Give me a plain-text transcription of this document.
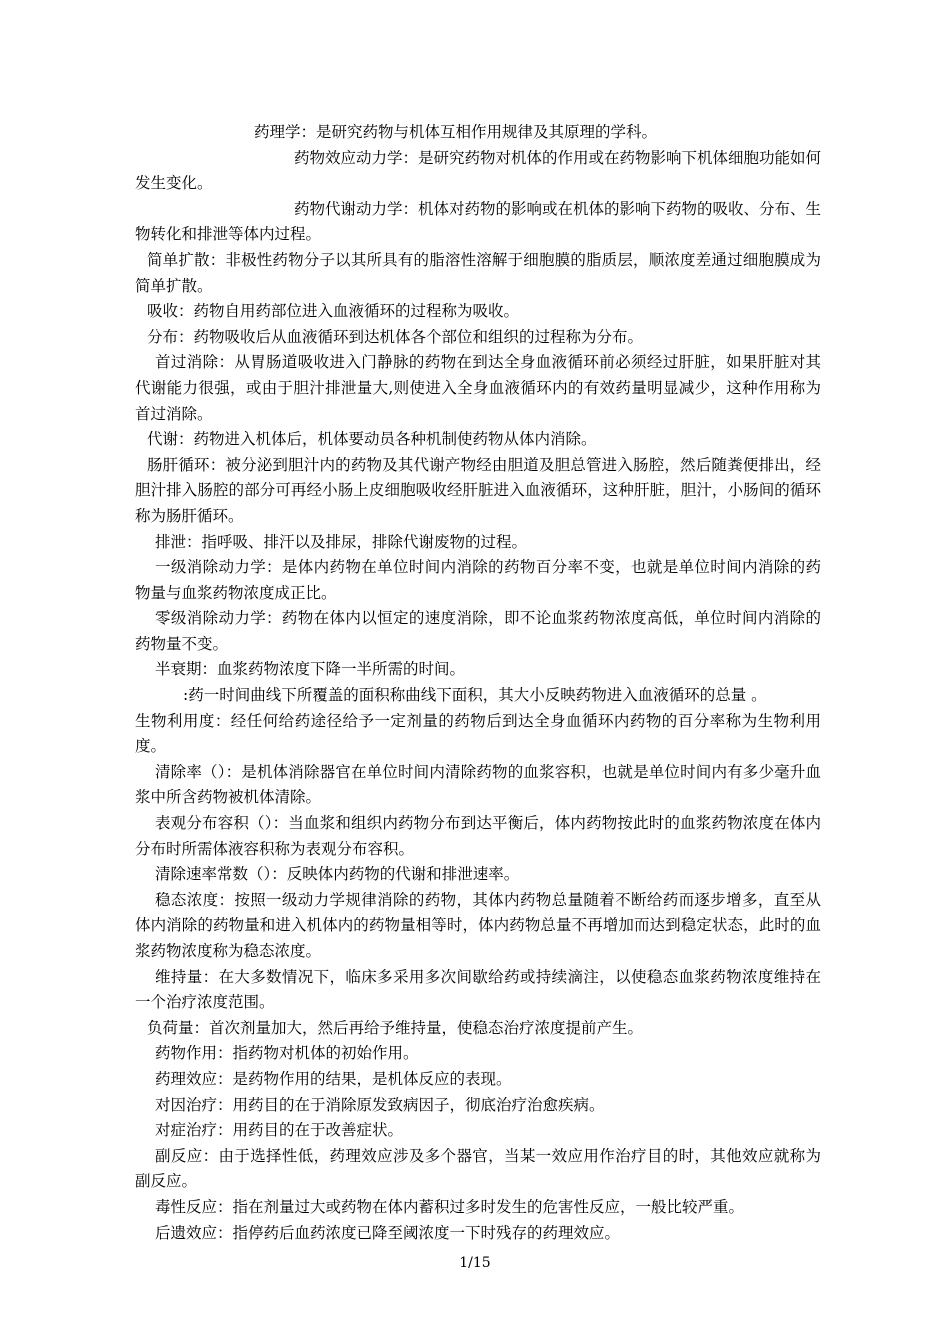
药理学：是研究药物与机体互相作用规律及其原理的学科。

药物效应动力学：是研究药物对机体的作用或在药物影响下机体细胞功能如何发生变化。

药物代谢动力学：机体对药物的影响或在机体的影响下药物的吸收、分布、生物转化和排泄等体内过程。

简单扩散：非极性药物分子以其所具有的脂溶性溶解于细胞膜的脂质层，顺浓度差通过细胞膜成为简单扩散。

吸收：药物自用药部位进入血液循环的过程称为吸收。

分布：药物吸收后从血液循环到达机体各个部位和组织的过程称为分布。

首过消除：从胃肠道吸收进入门静脉的药物在到达全身血液循环前必须经过肝脏，如果肝脏对其代谢能力很强，或由于胆汁排泄量大,则使进入全身血液循环内的有效药量明显减少，这种作用称为首过消除。

代谢：药物进入机体后，机体要动员各种机制使药物从体内消除。

肠肝循环：被分泌到胆汁内的药物及其代谢产物经由胆道及胆总管进入肠腔，然后随粪便排出，经胆汁排入肠腔的部分可再经小肠上皮细胞吸收经肝脏进入血液循环，这种肝脏，胆汁，小肠间的循环称为肠肝循环。

排泄：指呼吸、排汗以及排尿，排除代谢废物的过程。

一级消除动力学：是体内药物在单位时间内消除的药物百分率不变，也就是单位时间内消除的药物量与血浆药物浓度成正比。

零级消除动力学：药物在体内以恒定的速度消除，即不论血浆药物浓度高低，单位时间内消除的药物量不变。

半衰期：血浆药物浓度下降一半所需的时间。

:药一时间曲线下所覆盖的面积称曲线下面积，其大小反映药物进入血液循环的总量 。

生物利用度：经任何给药途径给予一定剂量的药物后到达全身血循环内药物的百分率称为生物利用度。

清除率（）：是机体消除器官在单位时间内清除药物的血浆容积，也就是单位时间内有多少毫升血浆中所含药物被机体清除。

表观分布容积（）：当血浆和组织内药物分布到达平衡后，体内药物按此时的血浆药物浓度在体内分布时所需体液容积称为表观分布容积。

清除速率常数（）：反映体内药物的代谢和排泄速率。

稳态浓度：按照一级动力学规律消除的药物，其体内药物总量随着不断给药而逐步增多，直至从体内消除的药物量和进入机体内的药物量相等时，体内药物总量不再增加而达到稳定状态，此时的血浆药物浓度称为稳态浓度。

维持量：在大多数情况下，临床多采用多次间歇给药或持续滴注，以使稳态血浆药物浓度维持在一个治疗浓度范围。

负荷量：首次剂量加大，然后再给予维持量，使稳态治疗浓度提前产生。

药物作用：指药物对机体的初始作用。

药理效应：是药物作用的结果，是机体反应的表现。

对因治疗：用药目的在于消除原发致病因子，彻底治疗治愈疾病。

对症治疗：用药目的在于改善症状。

副反应：由于选择性低，药理效应涉及多个器官，当某一效应用作治疗目的时，其他效应就称为副反应。

毒性反应：指在剂量过大或药物在体内蓄积过多时发生的危害性反应，一般比较严重。

后遗效应：指停药后血药浓度已降至阈浓度一下时残存的药理效应。

1/15
